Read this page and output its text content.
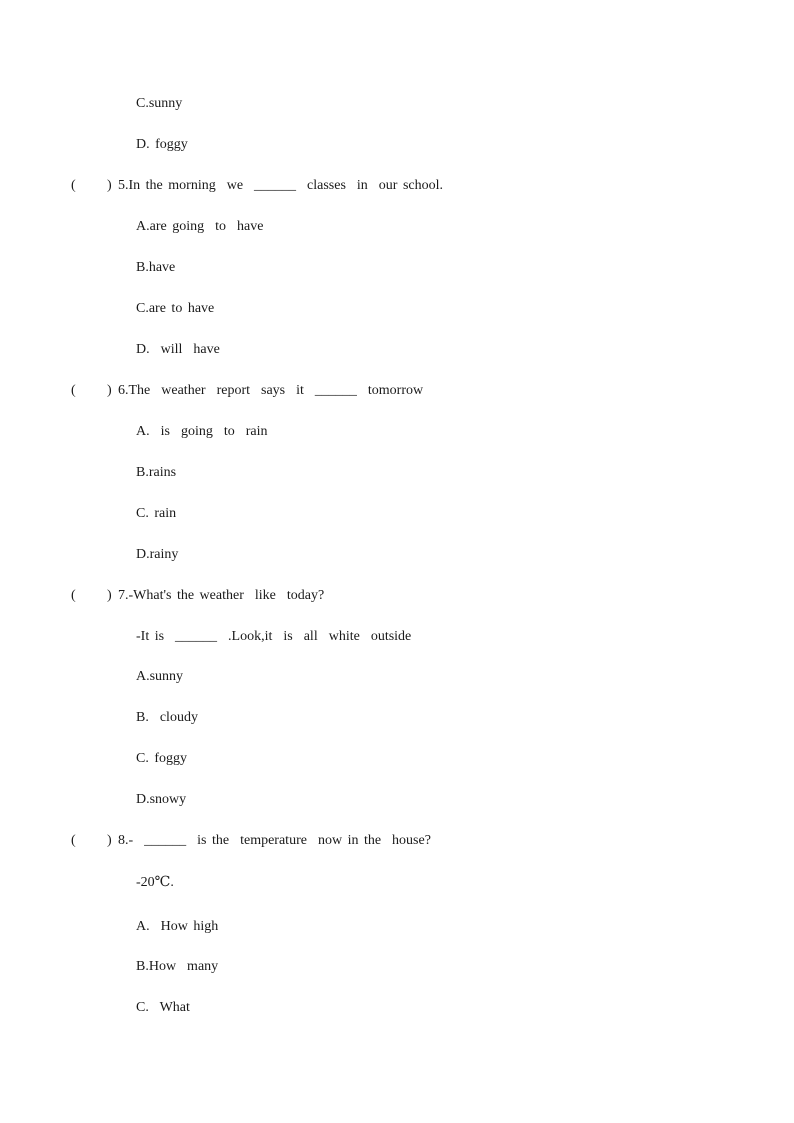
C.sunny
D. foggy
( ) 5.In the morning  we  ______  classes  in  our school.
A.are going  to  have
B.have
C.are to have
D.  will  have
( ) 6.The  weather  report  says  it  ______  tomorrow
A.  is  going  to  rain
B.rains
C. rain
D.rainy
( ) 7.-What's the weather  like  today?
-It is  ______  .Look,it  is  all  white  outside
A.sunny
B.  cloudy
C. foggy
D.snowy
( ) 8.-  ______  is the  temperature  now in the  house?
-20℃.
A.  How high
B.How  many
C.  What
